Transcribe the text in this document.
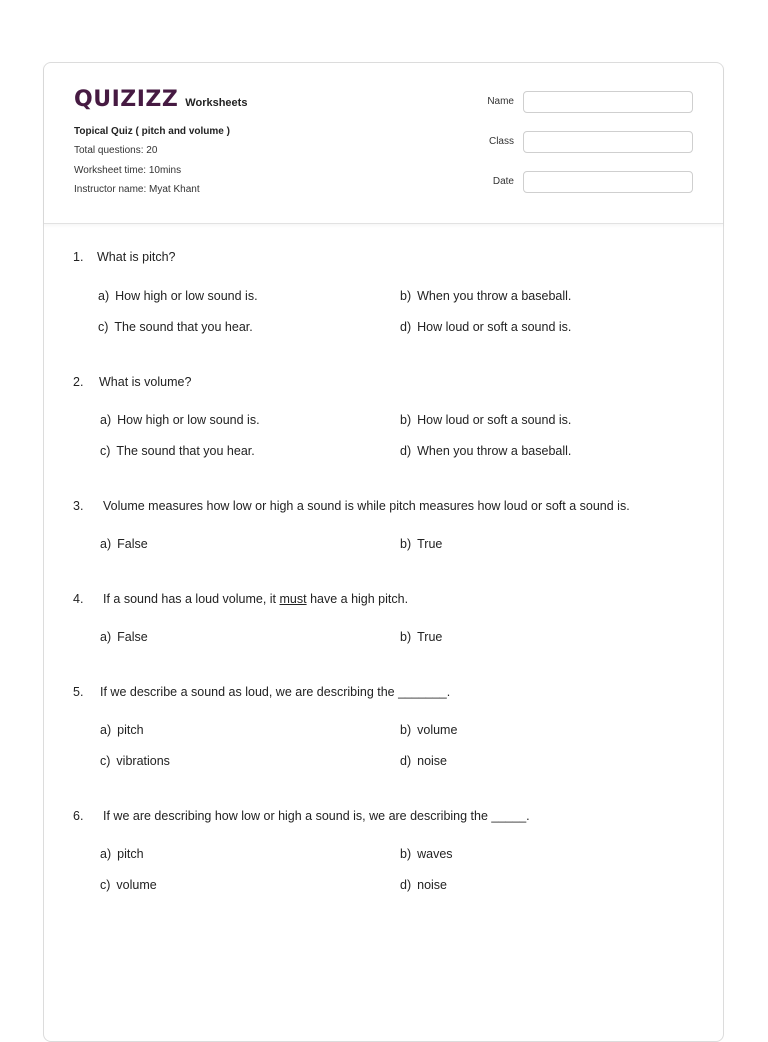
QUIZIZZ Worksheets
Topical Quiz ( pitch and volume )
Total questions: 20
Worksheet time: 10mins
Instructor name: Myat Khant
Name
Class
Date
1. What is pitch?
a) How high or low sound is.	b) When you throw a baseball.
c) The sound that you hear.	d) How loud or soft a sound is.
2. What is volume?
a) How high or low sound is.	b) How loud or soft a sound is.
c) The sound that you hear.	d) When you throw a baseball.
3. Volume measures how low or high a sound is while pitch measures how loud or soft a sound is.
a) False	b) True
4. If a sound has a loud volume, it must have a high pitch.
a) False	b) True
5. If we describe a sound as loud, we are describing the _______.
a) pitch	b) volume
c) vibrations	d) noise
6. If we are describing how low or high a sound is, we are describing the _____.
a) pitch	b) waves
c) volume	d) noise
